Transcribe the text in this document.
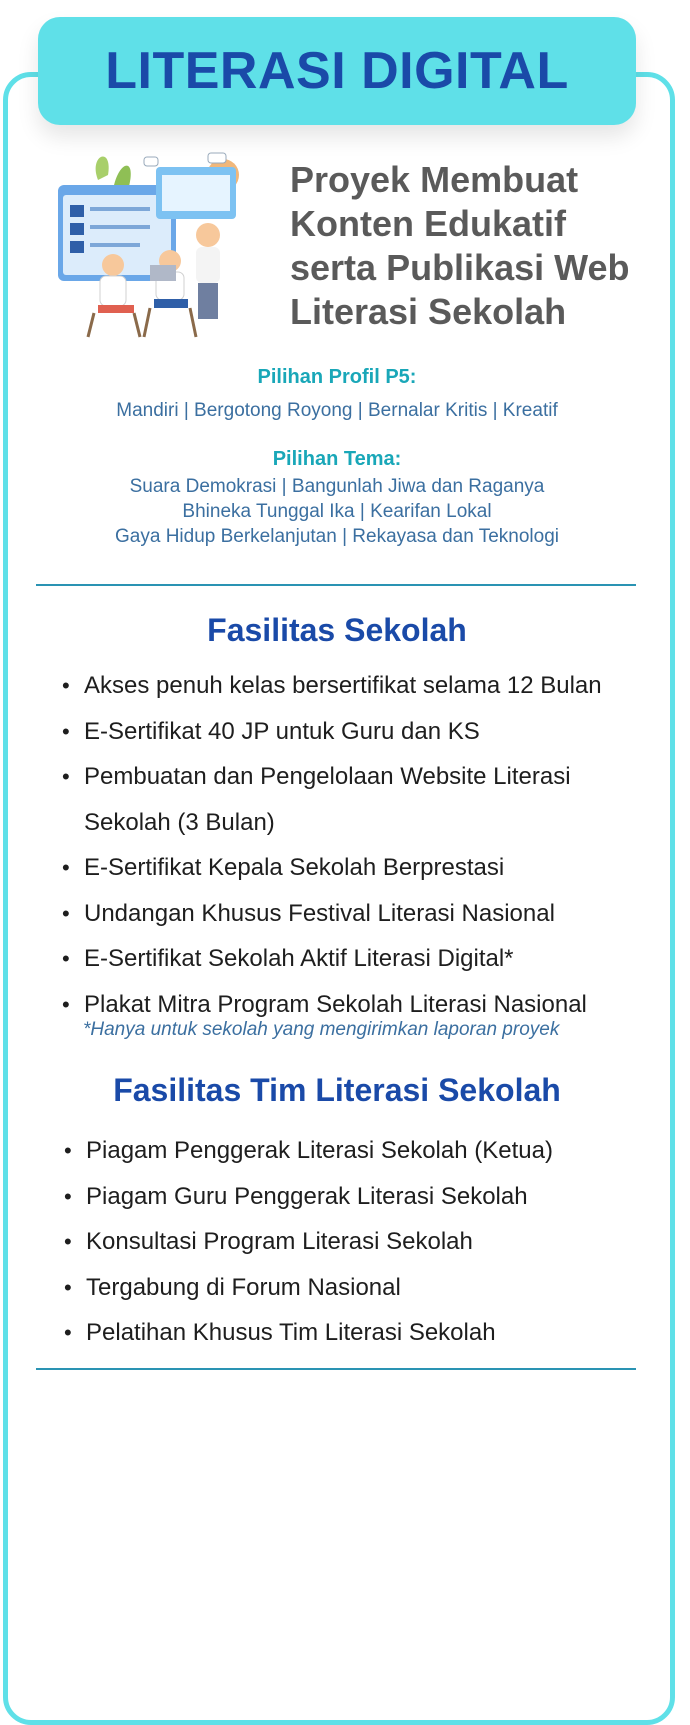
LITERASI DIGITAL
Proyek Membuat
Konten Edukatif
serta Publikasi Web
Literasi Sekolah
Pilihan Profil P5:
Mandiri | Bergotong Royong | Bernalar Kritis | Kreatif
Pilihan Tema:
Suara Demokrasi | Bangunlah Jiwa dan Raganya
Bhineka Tunggal Ika | Kearifan Lokal
Gaya Hidup Berkelanjutan | Rekayasa dan Teknologi
Fasilitas Sekolah
• Akses penuh kelas bersertifikat selama 12 Bulan
• E-Sertifikat 40 JP untuk Guru dan KS
• Pembuatan dan Pengelolaan Website Literasi Sekolah (3 Bulan)
• E-Sertifikat Kepala Sekolah Berprestasi
• Undangan Khusus Festival Literasi Nasional
• E-Sertifikat Sekolah Aktif Literasi Digital*
• Plakat Mitra Program Sekolah Literasi Nasional
*Hanya untuk sekolah yang mengirimkan laporan proyek
Fasilitas Tim Literasi Sekolah
• Piagam Penggerak Literasi Sekolah (Ketua)
• Piagam Guru Penggerak Literasi Sekolah
• Konsultasi Program Literasi Sekolah
• Tergabung di Forum Nasional
• Pelatihan Khusus Tim Literasi Sekolah
